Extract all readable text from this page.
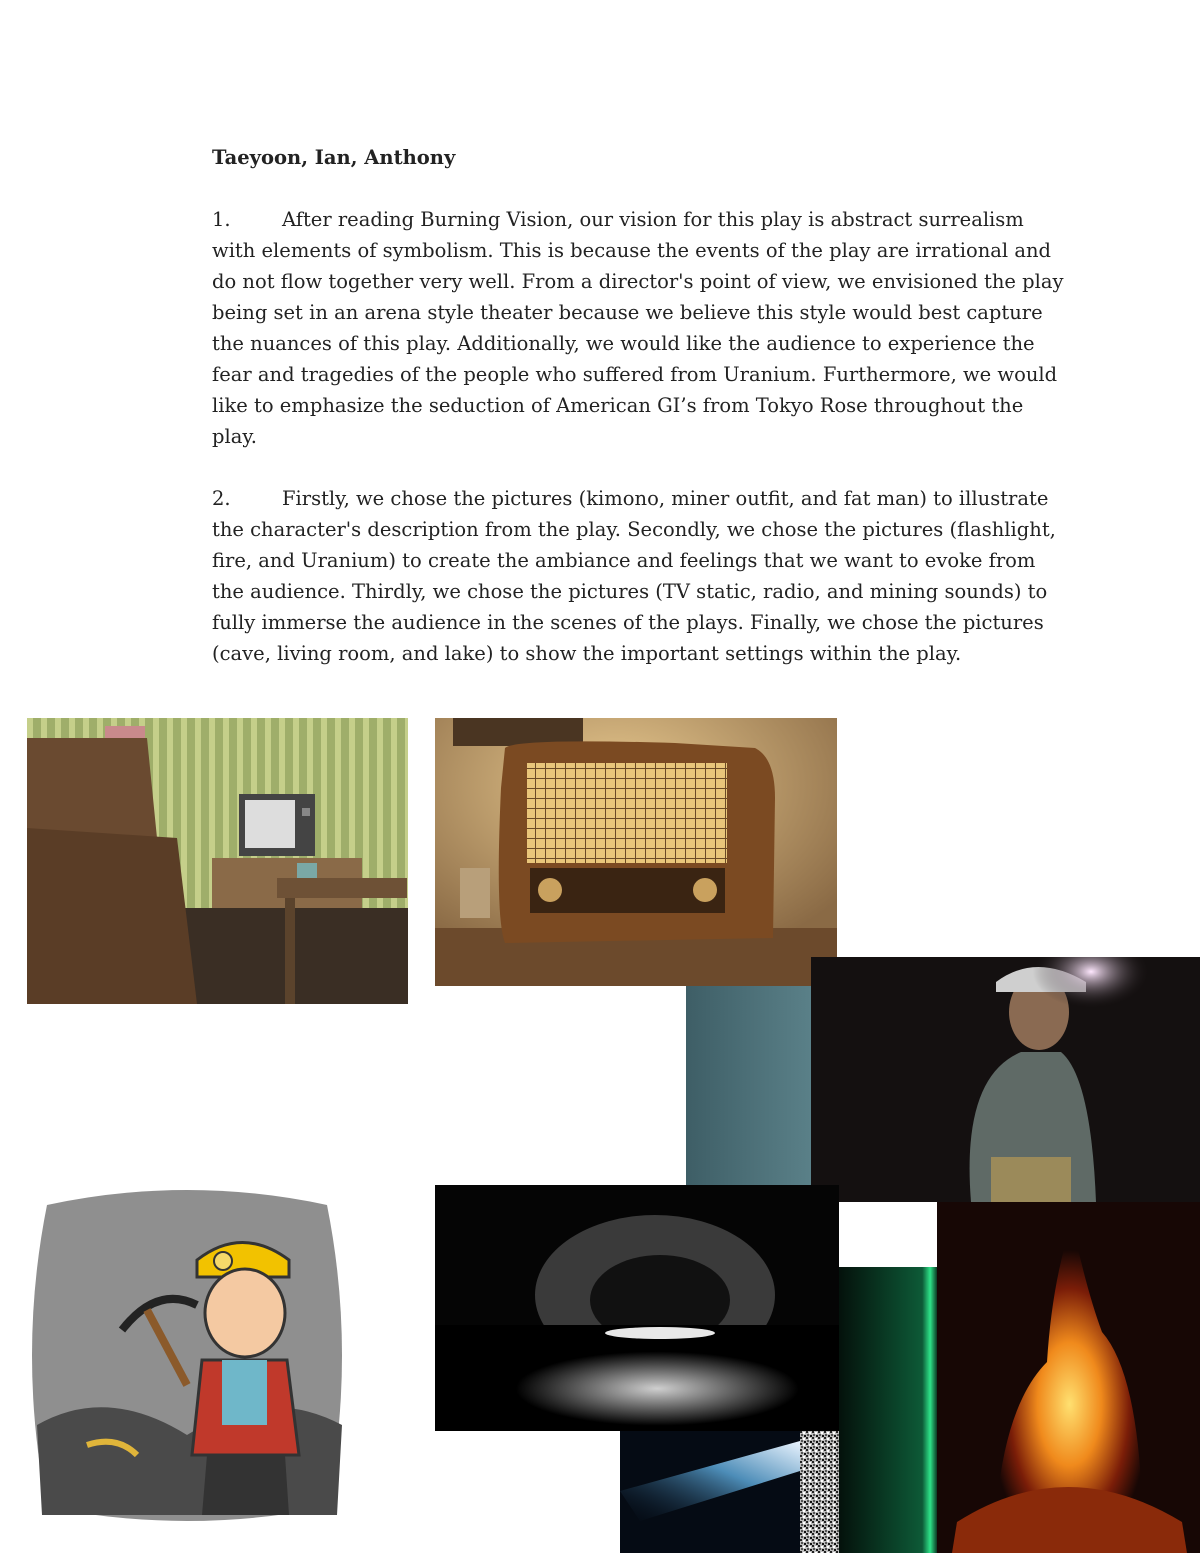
Taeyoon, Ian, Anthony

1.	After reading Burning Vision, our vision for this play is abstract surrealism with elements of symbolism. This is because the events of the play are irrational and do not flow together very well. From a director's point of view, we envisioned the play being set in an arena style theater because we believe this style would best capture the nuances of this play. Additionally, we would like the audience to experience the fear and tragedies of the people who suffered from Uranium. Furthermore, we would like to emphasize the seduction of American GI’s from Tokyo Rose throughout the play.

2.	Firstly, we chose the pictures (kimono, miner outfit, and fat man) to illustrate the character's description from the play. Secondly, we chose the pictures (flashlight, fire, and Uranium) to create the ambiance and feelings that we want to evoke from the audience. Thirdly, we chose the pictures (TV static, radio, and mining sounds) to fully immerse the audience in the scenes of the plays. Finally, we chose the pictures (cave, living room, and lake) to show the important settings within the play.
